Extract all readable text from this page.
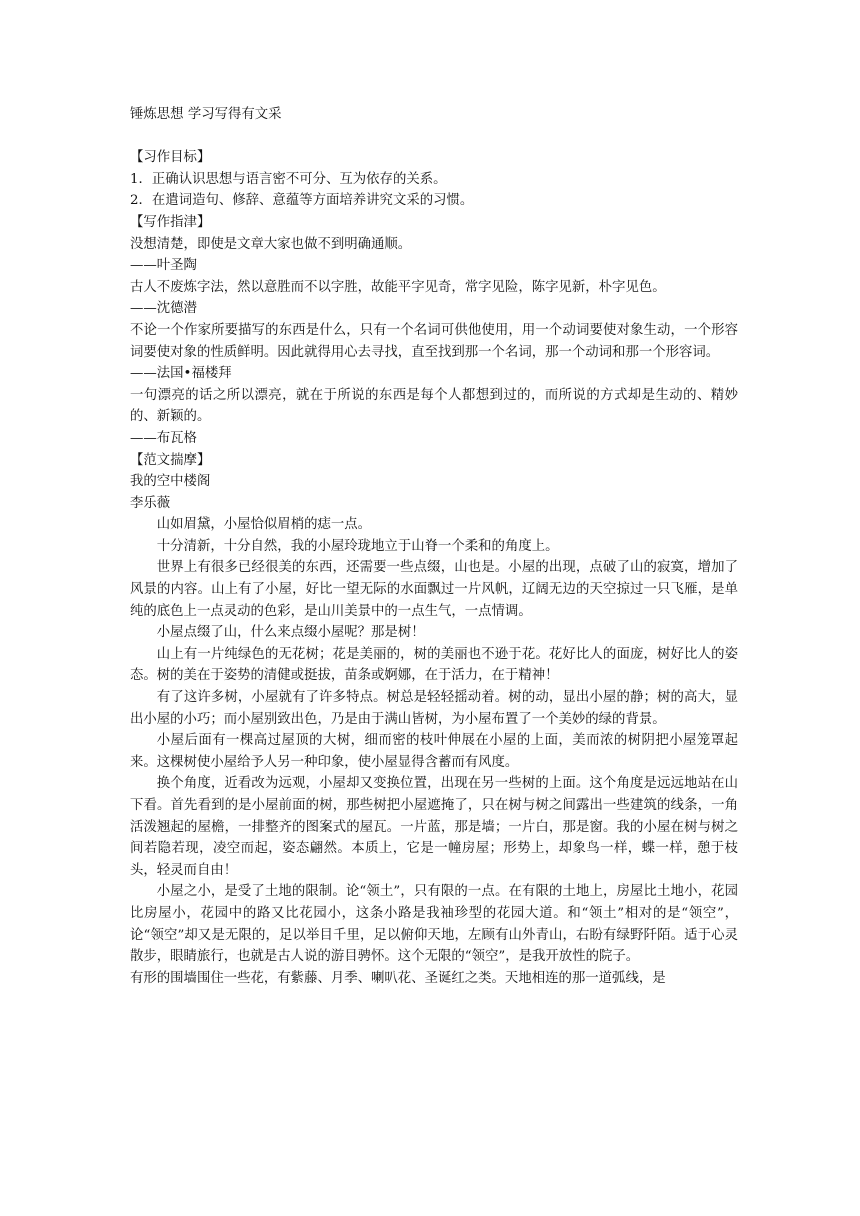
锤炼思想 学习写得有文采

【习作目标】

1．正确认识思想与语言密不可分、互为依存的关系。

2．在遣词造句、修辞、意蕴等方面培养讲究文采的习惯。

【写作指津】

没想清楚，即使是文章大家也做不到明确通顺。

——叶圣陶

古人不废炼字法，然以意胜而不以字胜，故能平字见奇，常字见险，陈字见新，朴字见色。

——沈德潜

不论一个作家所要描写的东西是什么，只有一个名词可供他使用，用一个动词要使对象生动，一个形容词要使对象的性质鲜明。因此就得用心去寻找，直至找到那一个名词，那一个动词和那一个形容词。

——法国•福楼拜

一句漂亮的话之所以漂亮，就在于所说的东西是每个人都想到过的，而所说的方式却是生动的、精妙的、新颖的。

——布瓦格

【范文揣摩】

我的空中楼阁

李乐薇

山如眉黛，小屋恰似眉梢的痣一点。

十分清新，十分自然，我的小屋玲珑地立于山脊一个柔和的角度上。

世界上有很多已经很美的东西，还需要一些点缀，山也是。小屋的出现，点破了山的寂寞，增加了风景的内容。山上有了小屋，好比一望无际的水面飘过一片风帆，辽阔无边的天空掠过一只飞雁，是单纯的底色上一点灵动的色彩，是山川美景中的一点生气，一点情调。

小屋点缀了山，什么来点缀小屋呢？那是树！

山上有一片纯绿色的无花树；花是美丽的，树的美丽也不逊于花。花好比人的面庞，树好比人的姿态。树的美在于姿势的清健或挺拔，苗条或婀娜，在于活力，在于精神！

有了这许多树，小屋就有了许多特点。树总是轻轻摇动着。树的动，显出小屋的静；树的高大，显出小屋的小巧；而小屋别致出色，乃是由于满山皆树，为小屋布置了一个美妙的绿的背景。

小屋后面有一棵高过屋顶的大树，细而密的枝叶伸展在小屋的上面，美而浓的树阴把小屋笼罩起来。这棵树使小屋给予人另一种印象，使小屋显得含蓄而有风度。

换个角度，近看改为远观，小屋却又变换位置，出现在另一些树的上面。这个角度是远远地站在山下看。首先看到的是小屋前面的树，那些树把小屋遮掩了，只在树与树之间露出一些建筑的线条，一角活泼翘起的屋檐，一排整齐的图案式的屋瓦。一片蓝，那是墙；一片白，那是窗。我的小屋在树与树之间若隐若现，凌空而起，姿态翩然。本质上，它是一幢房屋；形势上，却象鸟一样，蝶一样，憩于枝头，轻灵而自由！

小屋之小，是受了土地的限制。论“领土”，只有限的一点。在有限的土地上，房屋比土地小，花园比房屋小，花园中的路又比花园小，这条小路是我袖珍型的花园大道。和“领土”相对的是“领空”，论“领空”却又是无限的，足以举目千里，足以俯仰天地，左顾有山外青山，右盼有绿野阡陌。适于心灵散步，眼睛旅行，也就是古人说的游目骋怀。这个无限的“领空”，是我开放性的院子。

有形的围墙围住一些花，有紫藤、月季、喇叭花、圣诞红之类。天地相连的那一道弧线，是
